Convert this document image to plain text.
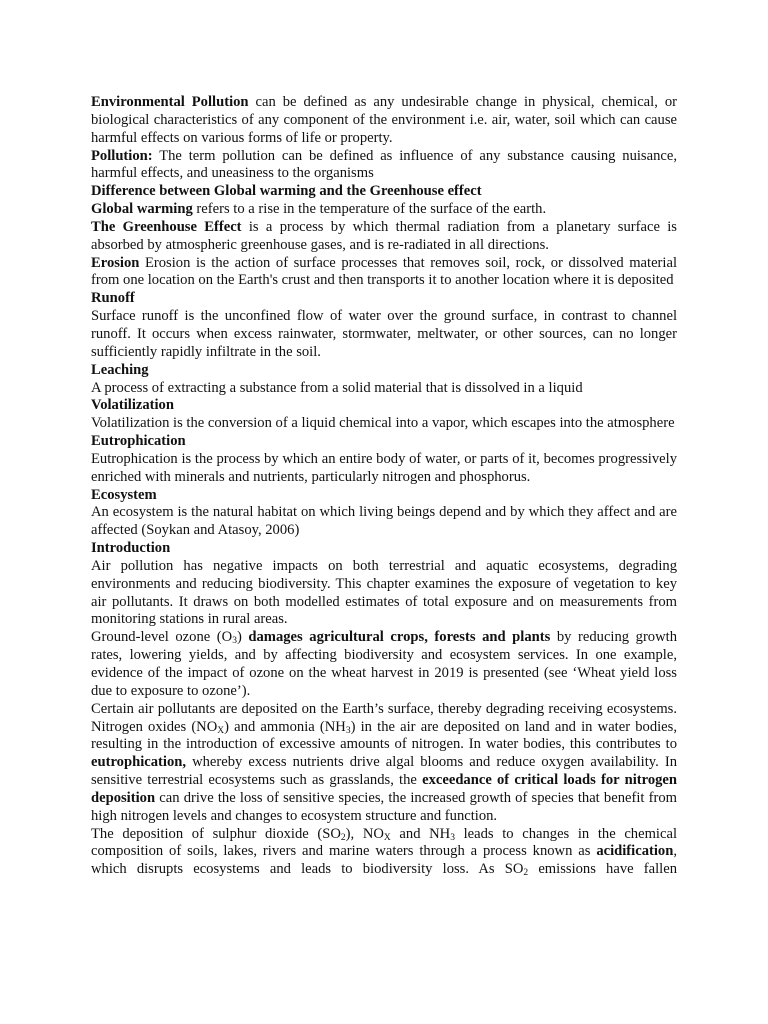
Environmental Pollution can be defined as any undesirable change in physical, chemical, or biological characteristics of any component of the environment i.e. air, water, soil which can cause harmful effects on various forms of life or property.

Pollution: The term pollution can be defined as influence of any substance causing nuisance, harmful effects, and uneasiness to the organisms

Difference between Global warming and the Greenhouse effect

Global warming refers to a rise in the temperature of the surface of the earth.

The Greenhouse Effect is a process by which thermal radiation from a planetary surface is absorbed by atmospheric greenhouse gases, and is re-radiated in all directions.

Erosion Erosion is the action of surface processes that removes soil, rock, or dissolved material from one location on the Earth's crust and then transports it to another location where it is deposited

Runoff

Surface runoff is the unconfined flow of water over the ground surface, in contrast to channel runoff. It occurs when excess rainwater, stormwater, meltwater, or other sources, can no longer sufficiently rapidly infiltrate in the soil.

Leaching

A process of extracting a substance from a solid material that is dissolved in a liquid

Volatilization

Volatilization is the conversion of a liquid chemical into a vapor, which escapes into the atmosphere

Eutrophication

Eutrophication is the process by which an entire body of water, or parts of it, becomes progressively enriched with minerals and nutrients, particularly nitrogen and phosphorus.

Ecosystem

An ecosystem is the natural habitat on which living beings depend and by which they affect and are affected (Soykan and Atasoy, 2006)

Introduction

Air pollution has negative impacts on both terrestrial and aquatic ecosystems, degrading environments and reducing biodiversity. This chapter examines the exposure of vegetation to key air pollutants. It draws on both modelled estimates of total exposure and on measurements from monitoring stations in rural areas.

Ground-level ozone $(O_3)$ damages agricultural crops, forests and plants by reducing growth rates, lowering yields, and by affecting biodiversity and ecosystem services. In one example, evidence of the impact of ozone on the wheat harvest in 2019 is presented (see ‘Wheat yield loss due to exposure to ozone’).

Certain air pollutants are deposited on the Earth’s surface, thereby degrading receiving ecosystems. Nitrogen oxides $(NO_X)$ and ammonia $(NH_3)$ in the air are deposited on land and in water bodies, resulting in the introduction of excessive amounts of nitrogen. In water bodies, this contributes to eutrophication, whereby excess nutrients drive algal blooms and reduce oxygen availability. In sensitive terrestrial ecosystems such as grasslands, the exceedance of critical loads for nitrogen deposition can drive the loss of sensitive species, the increased growth of species that benefit from high nitrogen levels and changes to ecosystem structure and function.

The deposition of sulphur dioxide $(SO_2)$, $NO_X$ and $NH_3$ leads to changes in the chemical composition of soils, lakes, rivers and marine waters through a process known as acidification, which disrupts ecosystems and leads to biodiversity loss. As $SO_2$ emissions have fallen
